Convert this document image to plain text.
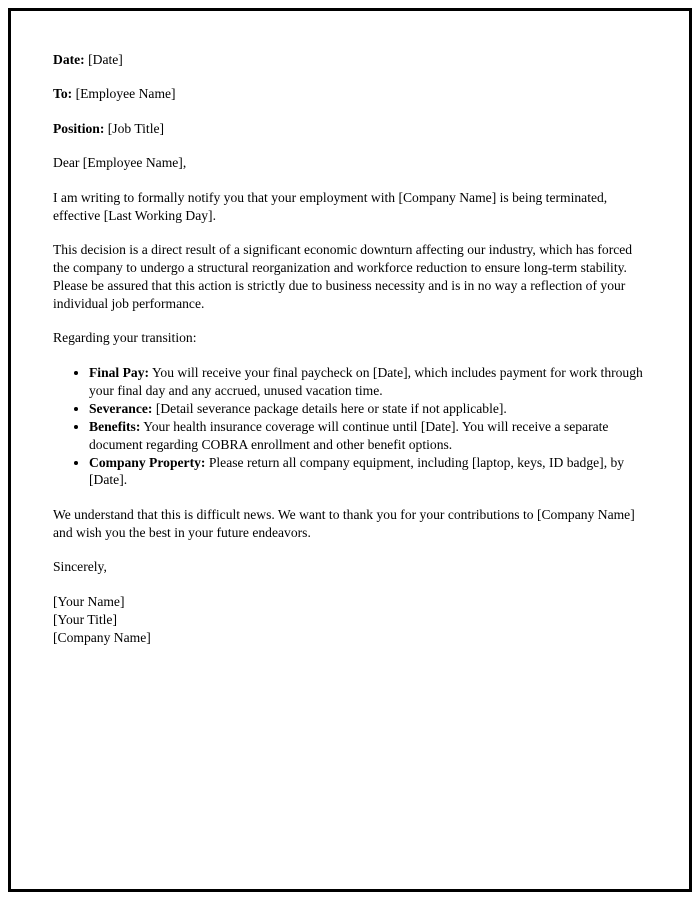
Date: [Date]

To: [Employee Name]

Position: [Job Title]

Dear [Employee Name],

I am writing to formally notify you that your employment with [Company Name] is being terminated, effective [Last Working Day].

This decision is a direct result of a significant economic downturn affecting our industry, which has forced the company to undergo a structural reorganization and workforce reduction to ensure long-term stability. Please be assured that this action is strictly due to business necessity and is in no way a reflection of your individual job performance.

Regarding your transition:

• Final Pay: You will receive your final paycheck on [Date], which includes payment for work through your final day and any accrued, unused vacation time.
• Severance: [Detail severance package details here or state if not applicable].
• Benefits: Your health insurance coverage will continue until [Date]. You will receive a separate document regarding COBRA enrollment and other benefit options.
• Company Property: Please return all company equipment, including [laptop, keys, ID badge], by [Date].

We understand that this is difficult news. We want to thank you for your contributions to [Company Name] and wish you the best in your future endeavors.

Sincerely,

[Your Name]

[Your Title]

[Company Name]
